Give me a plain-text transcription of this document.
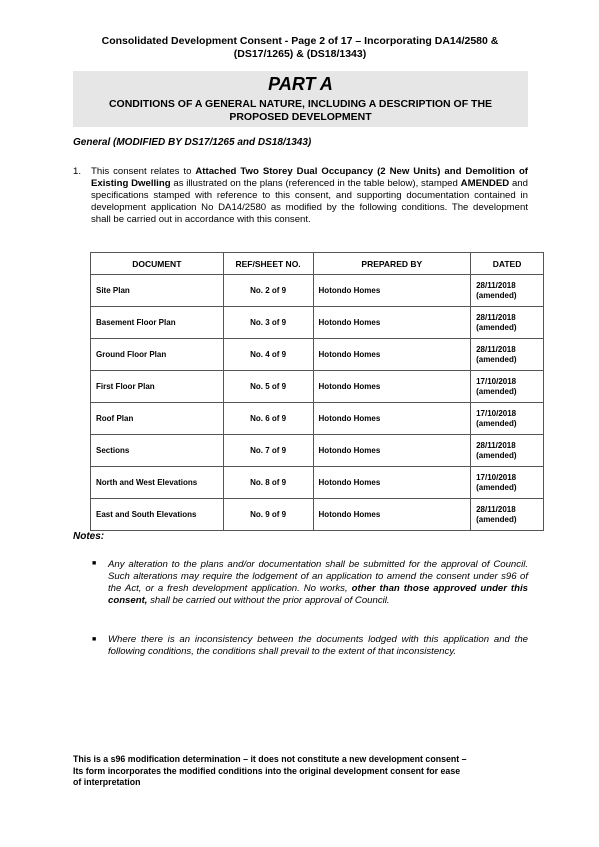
Consolidated Development Consent - Page 2 of 17 – Incorporating DA14/2580 &
(DS17/1265) & (DS18/1343)
PART A
CONDITIONS OF A GENERAL NATURE, INCLUDING A DESCRIPTION OF THE
PROPOSED DEVELOPMENT
General (MODIFIED BY DS17/1265 and DS18/1343)
1. This consent relates to Attached Two Storey Dual Occupancy (2 New Units) and Demolition of Existing Dwelling as illustrated on the plans (referenced in the table below), stamped AMENDED and specifications stamped with reference to this consent, and supporting documentation contained in development application No DA14/2580 as modified by the following conditions. The development shall be carried out in accordance with this consent.
DOCUMENT	REF/SHEET NO.	PREPARED BY	DATED
Site Plan	No. 2 of 9	Hotondo Homes	28/11/2018
(amended)

Basement Floor Plan	No. 3 of 9	Hotondo Homes	28/11/2018
(amended)

Ground Floor Plan	No. 4 of 9	Hotondo Homes	28/11/2018
(amended)

First Floor Plan	No. 5 of 9	Hotondo Homes	17/10/2018
(amended)

Roof Plan	No. 6 of 9	Hotondo Homes	17/10/2018
(amended)

Sections	No. 7 of 9	Hotondo Homes	28/11/2018
(amended)

North and West Elevations	No. 8 of 9	Hotondo Homes	17/10/2018
(amended)

East and South Elevations	No. 9 of 9	Hotondo Homes	28/11/2018
(amended)
Notes:
■ Any alteration to the plans and/or documentation shall be submitted for the approval of Council. Such alterations may require the lodgement of an application to amend the consent under s96 of the Act, or a fresh development application. No works, other than those approved under this consent, shall be carried out without the prior approval of Council.
■ Where there is an inconsistency between the documents lodged with this application and the following conditions, the conditions shall prevail to the extent of that inconsistency.
This is a s96 modification determination – it does not constitute a new development consent –
Its form incorporates the modified conditions into the original development consent for ease
of interpretation
